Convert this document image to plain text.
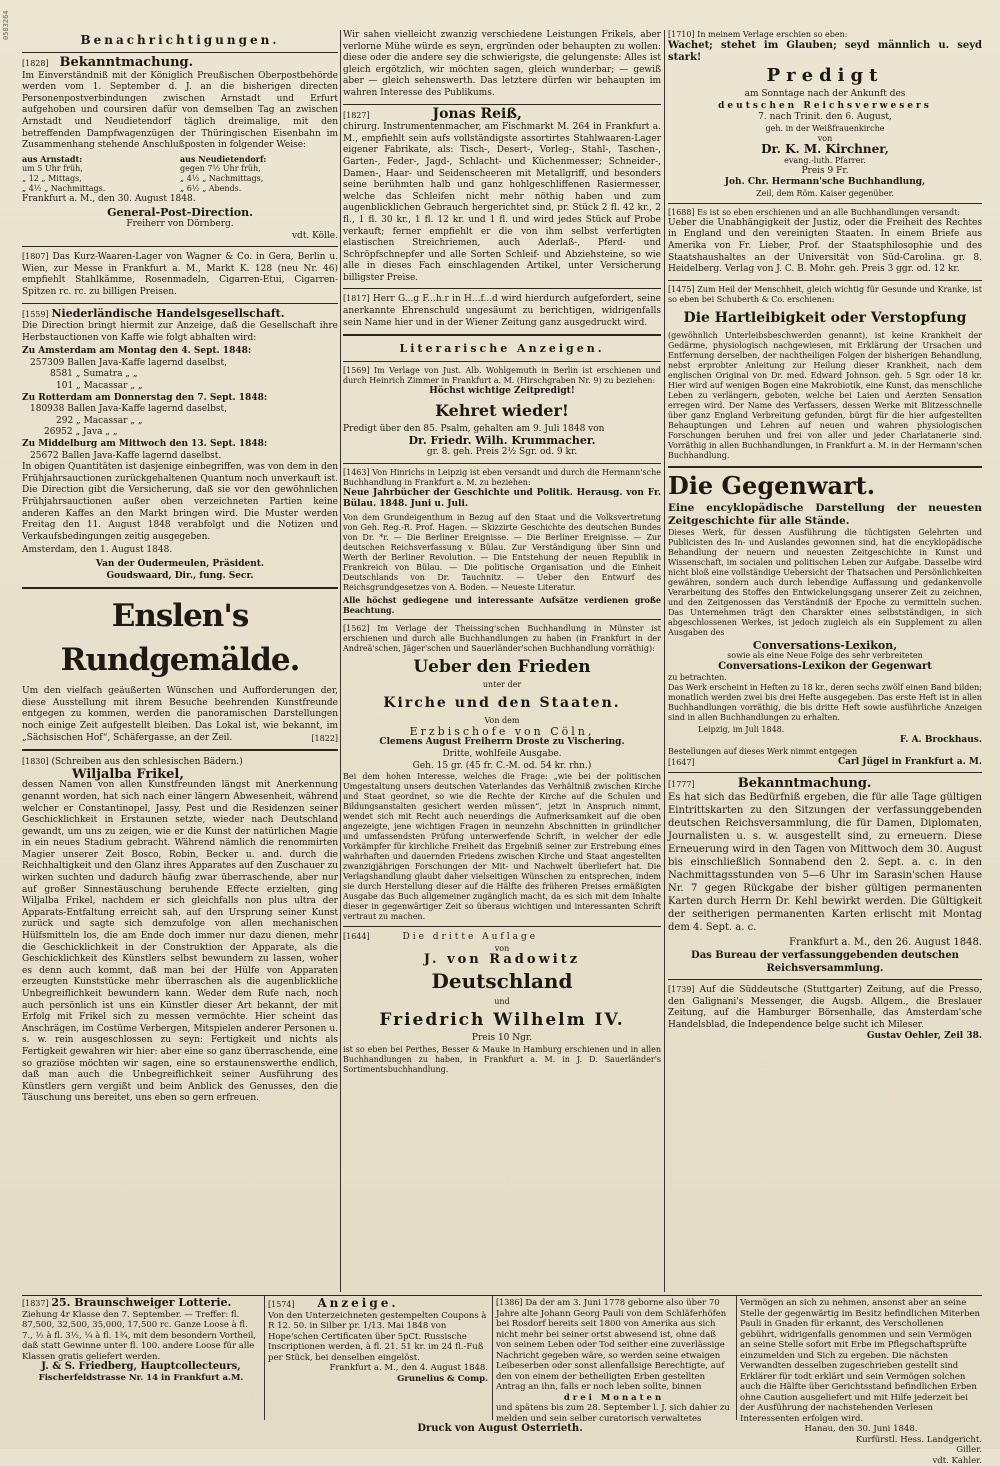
0583264	Benachrichtigungen.
[1828] Bekanntmachung.

Im Einverständniß mit der Königlich Preußischen Oberpostbehörde werden vom 1. September d. J. an die bisherigen directen Personenpostverbindungen zwischen Arnstadt und Erfurt aufgehoben und coursiren dafür von demselben Tag an zwischen Arnstadt und Neudietendorf täglich dreimalige, mit den betreffenden Dampfwagenzügen der Thüringischen Eisenbahn im Zusammenhang stehende Anschlußposten in folgender Weise:

aus Arnstadt:	aus Neudietendorf:
um 5 Uhr früh,	gegen 7½ Uhr früh,
„ 12 „ Mittags,	„ 4½ „ Nachmittags,
„ 4½ „ Nachmittags.	„ 6½ „ Abends.

Frankfurt a. M., den 30. August 1848.

General-Post-Direction.
Freiherr von Dörnberg.
vdt. Kölle.
[1807] Das Kurz-Waaren-Lager von Wagner & Co. in Gera, Berlin u. Wien, zur Messe in Frankfurt a. M., Markt K. 128 (neu Nr. 46) empfiehlt Stahlkämme, Rosenmadeln, Cigarren-Etui, Cigarren-Spitzen rc. rc. zu billigen Preisen.
[1559] Niederländische Handelsgesellschaft.

Die Direction bringt hiermit zur Anzeige, daß die Gesellschaft ihre Herbstauctionen von Kaffe wie folgt abhalten wird:

Zu Amsterdam am Montag den 4. Sept. 1848:
257309 Ballen Java-Kaffe lagernd daselbst,
8581 „ Sumatra „ „
101 „ Macassar „ „
Zu Rotterdam am Donnerstag den 7. Sept. 1848:
180938 Ballen Java-Kaffe lagernd daselbst,
292 „ Macassar „ „
26952 „ Java „ „
Zu Middelburg am Mittwoch den 13. Sept. 1848:
25672 Ballen Java-Kaffe lagernd daselbst.

In obigen Quantitäten ist dasjenige einbegriffen, was von dem in den Frühjahrsauctionen zurückgehaltenen Quantum noch unverkauft ist. Die Direction gibt die Versicherung, daß sie vor den gewöhnlichen Frühjahrsauctionen außer oben verzeichneten Partien keine anderen Kaffes an den Markt bringen wird. Die Muster werden Freitag den 11. August 1848 verabfolgt und die Notizen und Verkaufsbedingungen zeitig ausgegeben.

Amsterdam, den 1. August 1848.

Van der Oudermeulen, Präsident.
Goudswaard, Dir., fung. Secr.
Enslen's Rundgemälde.
Um den vielfach geäußerten Wünschen und Aufforderungen der, diese Ausstellung mit ihrem Besuche beehrenden Kunstfreunde entgegen zu kommen, werden die panoramischen Darstellungen noch einige Zeit aufgestellt bleiben. Das Lokal ist, wie bekannt, im „Sächsischen Hof“, Schäfergasse, an der Zeil.	[1822]
[1830] (Schreiben aus den schlesischen Bädern.)
Wiljalba Frikel,

dessen Namen von allen Kunstfreunden längst mit Anerkennung genannt worden, hat sich nach einer längern Abwesenheit, während welcher er Constantinopel, Jassy, Pest und die Residenzen seiner Geschicklichkeit in Erstaunen setzte, wieder nach Deutschland gewandt, um uns zu zeigen, wie er die Kunst der natürlichen Magie in ein neues Stadium gebracht. Während nämlich die renommirten Magier unserer Zeit Bosco, Robin, Becker u. and. durch die Reichhaltigkeit und den Glanz ihres Apparates auf den Zuschauer zu wirken suchten und dadurch häufig zwar überraschende, aber nur auf großer Sinnestäuschung beruhende Effecte erzielten, ging Wiljalba Frikel, nachdem er sich gleichfalls non plus ultra der Apparats-Entfaltung erreicht sah, auf den Ursprung seiner Kunst zurück und sagte sich demzufolge von allen mechanischen Hülfsmitteln los, die am Ende doch immer nur dazu dienen, mehr die Geschicklichkeit in der Construktion der Apparate, als die Geschicklichkeit des Künstlers selbst bewundern zu lassen, woher es denn auch kommt, daß man bei der Hülfe von Apparaten erzeugten Kunststücke mehr überraschen als die augenblickliche Unbegreiflichkeit bewundern kann. Weder dem Rufe nach, noch auch persönlich ist uns ein Künstler dieser Art bekannt, der mit Erfolg mit Frikel sich zu messen vermöchte. Hier scheint das Anschrägen, im Costüme Verbergen, Mitspielen anderer Personen u. s. w. rein ausgeschlossen zu seyn: Fertigkeit und nichts als Fertigkeit gewahren wir hier: aber eine so ganz überraschende, eine so graziöse möchten wir sagen, eine so erstaunenswerthe endlich, daß man auch die Unbegreiflichkeit seiner Ausführung des Künstlers gern vergißt und beim Anblick des Genusses, den die Täuschung uns bereitet, uns eben so gern erfreuen.

Wir sahen vielleicht zwanzig verschiedene Leistungen Frikels, aber verlorne Mühe würde es seyn, ergründen oder behaupten zu wollen: diese oder die andere sey die schwierigste, die gelungenste: Alles ist gleich ergötzlich, wir möchten sagen, gleich wunderbar; — gewiß aber — gleich sehenswerth. Das letztere dürfen wir behaupten im wahren Interesse des Publikums.

[1827]	Jonas Reiß,

chirurg. Instrumentenmacher, am Fischmarkt M. 264 in Frankfurt a. M., empfiehlt sein aufs vollständigste assortirtes Stahlwaaren-Lager eigener Fabrikate, als: Tisch-, Desert-, Vorleg-, Stahl-, Taschen-, Garten-, Feder-, Jagd-, Schlacht- und Küchenmesser; Schneider-, Damen-, Haar- und Seidenscheeren mit Metallgriff, und besonders seine berühmten halb und ganz hohlgeschliffenen Rasiermesser, welche das Schleifen nicht mehr nöthig haben und zum augenblicklichen Gebrauch hergerichtet sind, pr. Stück 2 fl. 42 kr., 2 fl., 1 fl. 30 kr., 1 fl. 12 kr. und 1 fl. und wird jedes Stück auf Probe verkauft; ferner empfiehlt er die von ihm selbst verfertigten elastischen Streichriemen, auch Aderlaß-, Pferd- und Schröpfschnepfer und alle Sorten Schleif- und Abziehsteine, so wie alle in dieses Fach einschlagenden Artikel, unter Versicherung billigster Preise.

[1817] Herr G...g F...h.r in H...f...d wird hierdurch aufgefordert, seine anerkannte Ehrenschuld ungesäumt zu berichtigen, widrigenfalls sein Name hier und in der Wiener Zeitung ganz ausgedruckt wird.
Literarische Anzeigen.
[1569] Im Verlage von Just. Alb. Wohlgemuth in Berlin ist erschienen und durch Heinrich Zimmer in Frankfurt a. M. (Hirschgraben Nr. 9) zu beziehen:
Höchst wichtige Zeitpredigt!
Kehret wieder!
Predigt über den 85. Psalm, gehalten am 9. Juli 1848 von
Dr. Friedr. Wilh. Krummacher.
gr. 8. geh. Preis 2½ Sgr. od. 9 kr.
[1463] Von Hinrichs in Leipzig ist eben versandt und durch die Hermann'sche Buchhandlung in Frankfurt a. M. zu beziehen:

Neue Jahrbücher der Geschichte und Politik. Herausg. von Fr. Bülau. 1848. Juni u. Juli.

Von dem Grundeigenthum in Bezug auf den Staat und die Volksvertretung von Geh. Reg.-R. Prof. Hagen. — Skizzirte Geschichte des deutschen Bundes von Dr. *r. — Die Berliner Ereignisse. — Die Berliner Ereignisse. — Zur deutschen Reichsverfassung v. Bülau. Zur Verständigung über Sinn und Werth der Berliner Revolution. — Die Entstehung der neuen Republik in Frankreich von Bülau. — Die politische Organisation und die Einheit Deutschlands von Dr. Tauchnitz. — Ueber den Entwurf des Reichsgrundgesetzes von A. Boden. — Neueste Literatur.

Alle höchst gediegene und interessante Aufsätze verdienen große Beachtung.

[1562] Im Verlage der Theissing'schen Buchhandlung in Münster ist erschienen und durch alle Buchhandlungen zu haben (in Frankfurt in der Andreä'schen, Jäger'schen und Sauerländer'schen Buchhandlung vorräthig):
Ueber den Frieden
unter der
Kirche und den Staaten.
Von dem
Erzbischofe von Cöln,
Clemens August Freiherrn Droste zu Vischering.
Dritte, wohlfeile Ausgabe.
Geh. 15 gr. (45 fr. C.-M. od. 54 kr. rhn.)

Bei dem hohen Interesse, welches die Frage: „wie bei der politischen Umgestaltung unsers deutschen Vaterlandes das Verhältniß zwischen Kirche und Staat geordnet, so wie die Rechte der Kirche auf die Schulen und Bildungsanstalten gesichert werden müssen“, jetzt in Anspruch nimmt, wendet sich mit Recht auch neuerdings die Aufmerksamkeit auf die oben angezeigte, jene wichtigen Fragen in neunzehn Abschnitten in gründlicher und umfassendsten Prüfung unterwerfende Schrift, in welcher der edle Vorkämpfer für kirchliche Freiheit das Ergebniß seiner zur Erstrebung eines wahrhaften und dauernden Friedens zwischen Kirche und Staat angestellten zwanzigjährigen Forschungen der Mit- und Nachwelt überliefert hat. Die Verlagshandlung glaubt daher vielseitigen Wünschen zu entsprechen, indem sie durch Herstellung dieser auf die Hälfte des früheren Preises ermäßigten Ausgabe das Buch allgemeiner zugänglich macht, da es sich mit dem Inhalte dieser in gegenwärtiger Zeit so überaus wichtigen und interessanten Schrift vertraut zu machen.

[1644]	Die dritte Auflage
von
J. von Radowitz
Deutschland
und
Friedrich Wilhelm IV.
Preis 10 Ngr.

ist so eben bei Perthes, Besser & Mauke in Hamburg erschienen und in allen Buchhandlungen zu haben, in Frankfurt a. M. in J. D. Sauerländer's Sortimentsbuchhandlung.

[1710] In meinem Verlage erschien so eben:
Wachet; stehet im Glauben; seyd männlich u. seyd stark!
Predigt
am Sonntage nach der Ankunft des
deutschen Reichsverwesers
7. nach Trinit. den 6. August,
geh. in der Weißfrauenkirche
von
Dr. K. M. Kirchner,
evang.-luth. Pfarrer.
Preis 9 Fr.
Joh. Chr. Hermann'sche Buchhandlung,
Zeil, dem Röm. Kaiser gegenüber.
[1688] Es ist so eben erschienen und an alle Buchhandlungen versandt:

Ueber die Unabhängigkeit der Justiz, oder die Freiheit des Rechtes in England und den vereinigten Staaten. In einem Briefe aus Amerika von Fr. Lieber, Prof. der Staatsphilosophie und des Staatshaushaltes an der Universität von Süd-Carolina. gr. 8. Heidelberg. Verlag von J. C. B. Mohr. geh. Preis 3 ggr. od. 12 kr.

[1475] Zum Heil der Menschheit, gleich wichtig für Gesunde und Kranke, ist so eben bei Schuberth & Co. erschienen:
Die Hartleibigkeit oder Verstopfung

(gewöhnlich Unterleibsbeschwerden genannt), ist keine Krankheit der Gedärme, physiologisch nachgewiesen, mit Erklärung der Ursachen und Entfernung derselben, der nachtheiligen Folgen der bisherigen Behandlung, nebst erprobter Anleitung zur Heilung dieser Krankheit, nach dem englischen Original von Dr. med. Edward Johnson. geh. 5 Sgr. oder 18 kr. Hier wird auf wenigen Bogen eine Makrobiotik, eine Kunst, das menschliche Leben zu verlängern, geboten, welche bei Laien und Aerzten Sensation erregen wird. Der Name des Verfassers, dessen Werke mit Blitzesschnelle über ganz England Verbreitung gefunden, bürgt für die hier aufgestellten Behauptungen und Lehren auf neuen und wahren physiologischen Forschungen beruhen und frei von aller und jeder Charlatanerie sind. Vorräthig in allen Buchhandlungen, in Frankfurt a. M. in der Hermann'schen Buchhandlung.

Die Gegenwart.
Eine encyklopädische Darstellung der neuesten Zeitgeschichte für alle Stände.

Dieses Werk, für dessen Ausführung die tüchtigsten Gelehrten und Publicisten des In- und Auslandes gewonnen sind, hat die encyklopädische Behandlung der neuern und neuesten Zeitgeschichte in Kunst und Wissenschaft, im socialen und politischen Leben zur Aufgabe. Dasselbe wird nicht bloß eine vollständige Uebersicht der Thatsachen und Persönlichkeiten gewähren, sondern auch durch lebendige Auffassung und gedankenvolle Verarbeitung des Stoffes den Entwickelungsgang unserer Zeit zu zeichnen, und den Zeitgenossen das Verständniß der Epoche zu vermitteln suchen. Das Unternehmen trägt den Charakter eines selbstständigen, in sich abgeschlossenen Werkes, ist jedoch zugleich als ein Supplement zu allen Ausgaben des

Conversations-Lexikon,
sowie als eine Neue Folge des sehr verbreiteten
Conversations-Lexikon der Gegenwart
zu betrachten.

Das Werk erscheint in Heften zu 18 kr., deren sechs zwölf einen Band bilden; monatlich werden zwei bis drei Hefte ausgegeben. Das erste Heft ist in allen Buchhandlungen vorräthig, die bis dritte Heft sowie ausführliche Anzeigen sind in allen Buchhandlungen zu erhalten.

Leipzig, im Juli 1848.
F. A. Brockhaus.
Bestellungen auf dieses Werk nimmt entgegen
[1647]	Carl Jügel in Frankfurt a. M.
[1777]	Bekanntmachung.

Es hat sich das Bedürfniß ergeben, die für alle Tage gültigen Eintrittskarten zu den Sitzungen der verfassunggebenden deutschen Reichsversammlung, die für Damen, Diplomaten, Journalisten u. s. w. ausgestellt sind, zu erneuern. Diese Erneuerung wird in den Tagen von Mittwoch dem 30. August bis einschließlich Sonnabend den 2. Sept. a. c. in den Nachmittagsstunden von 5—6 Uhr im Sarasin'schen Hause Nr. 7 gegen Rückgabe der bisher gültigen permanenten Karten durch Herrn Dr. Kehl bewirkt werden. Die Gültigkeit der seitherigen permanenten Karten erlischt mit Montag dem 4. Sept. a. c.

Frankfurt a. M., den 26. August 1848.
Das Bureau der verfassunggebenden deutschen Reichsversammlung.
[1739] Auf die Süddeutsche (Stuttgarter) Zeitung, auf die Presso, den Galignani's Messenger, die Augsb. Allgem., die Breslauer Zeitung, auf die Hamburger Börsenhalle, das Amsterdam'sche Handelsblad, die Independence belge sucht ich Mileser.
Gustav Oehler, Zeil 38.
[1837] 25. Braunschweiger Lotterie.
Ziehung 4r Klasse den 7. September. — Treffer: fl. 87,500, 32,500, 35,000, 17,500 rc. Ganze Loose à fl. 7., ½ à fl. 3½, ¼ à fl. 1¾, mit dem besondern Vortheil, daß statt Gewinne unter fl. 100. andere Loose für alle Klassen gratis geliefert werden.
J. & S. Friedberg, Hauptcollecteurs,
Fischerfeldstrasse Nr. 14 in Frankfurt a.M.
[1574] Anzeige.
Von den Unterzeichneten gestempelten Coupons à R 12. 50. in Silber pr. 1/13. Mai 1848 von Hope'schen Certificaten über 5pCt. Russische Inscriptionen werden, à fl. 21. 51 kr. im 24 fl.-Fuß per Stück, bei denselben eingelöst.
Frankfurt a. M., den 4. August 1848.
Grunelius & Comp.
[1386] Da der am 3. Juni 1778 geborne also über 70 Jahre alte Johann Georg Pauli von dem Schläferhöfen bei Rosdorf bereits seit 1800 von Amerika aus sich nicht mehr bei seiner ortst abwesend ist, ohne daß von seinem Leben oder Tod seither eine zuverlässige Nachricht gegeben wäre, so werden seine etwaigen Leibeserben oder sonst allenfallsige Berechtigte, auf den von einem der betheiligten Erben gestellten Antrag an ihn, falls er noch leben sollte, binnen
drei Monaten
und spätens bis zum 28. September l. J. sich dahier zu melden und sein selber curatorisch verwaltetes
Vermögen an sich zu nehmen, ansonst aber an seine Stelle der gegenwärtig im Besitz befindlichen Miterben Pauli in Gnaden für erkannt, des Verschollenen gebührt, widrigenfalls genommen und sein Vermögen an seine Stelle sofort mit Erbe im Pflegschaftsprüfte einzumelden und Sich zu ergeben. Die nächsten Verwandten desselben zugeschrieben gestellt sind Erklärer für todt erklärt und sein Vermögen solchen auch die Hälfte über Gerichtsstand befindlichen Erben ohne Caution ausgeliefert und mit Hilfe jederzeit bei der Ausführung der nachstehenden Verlesen Interessenten erfolgen wird.
Hanau, den 30. Juni 1848.
Kurfürstl. Hess. Landgericht.
Giller.
vdt. Kahler.
Druck von August Osterrieth.
